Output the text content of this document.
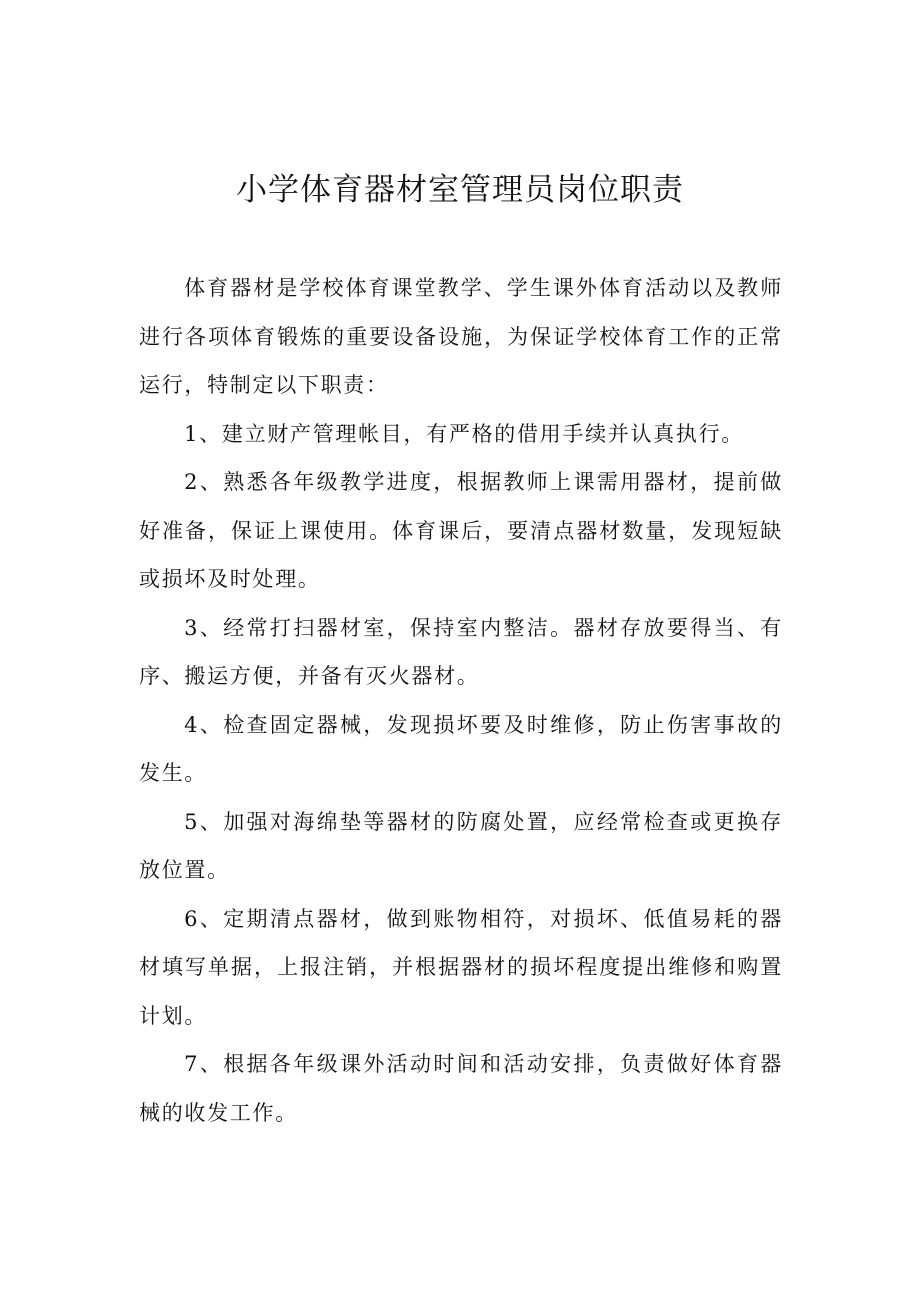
小学体育器材室管理员岗位职责

体育器材是学校体育课堂教学、学生课外体育活动以及教师进行各项体育锻炼的重要设备设施，为保证学校体育工作的正常运行，特制定以下职责：

1、建立财产管理帐目，有严格的借用手续并认真执行。

2、熟悉各年级教学进度，根据教师上课需用器材，提前做好准备，保证上课使用。体育课后，要清点器材数量，发现短缺或损坏及时处理。

3、经常打扫器材室，保持室内整洁。器材存放要得当、有序、搬运方便，并备有灭火器材。

4、检查固定器械，发现损坏要及时维修，防止伤害事故的发生。

5、加强对海绵垫等器材的防腐处置，应经常检查或更换存放位置。

6、定期清点器材，做到账物相符，对损坏、低值易耗的器材填写单据，上报注销，并根据器材的损坏程度提出维修和购置计划。

7、根据各年级课外活动时间和活动安排，负责做好体育器械的收发工作。
